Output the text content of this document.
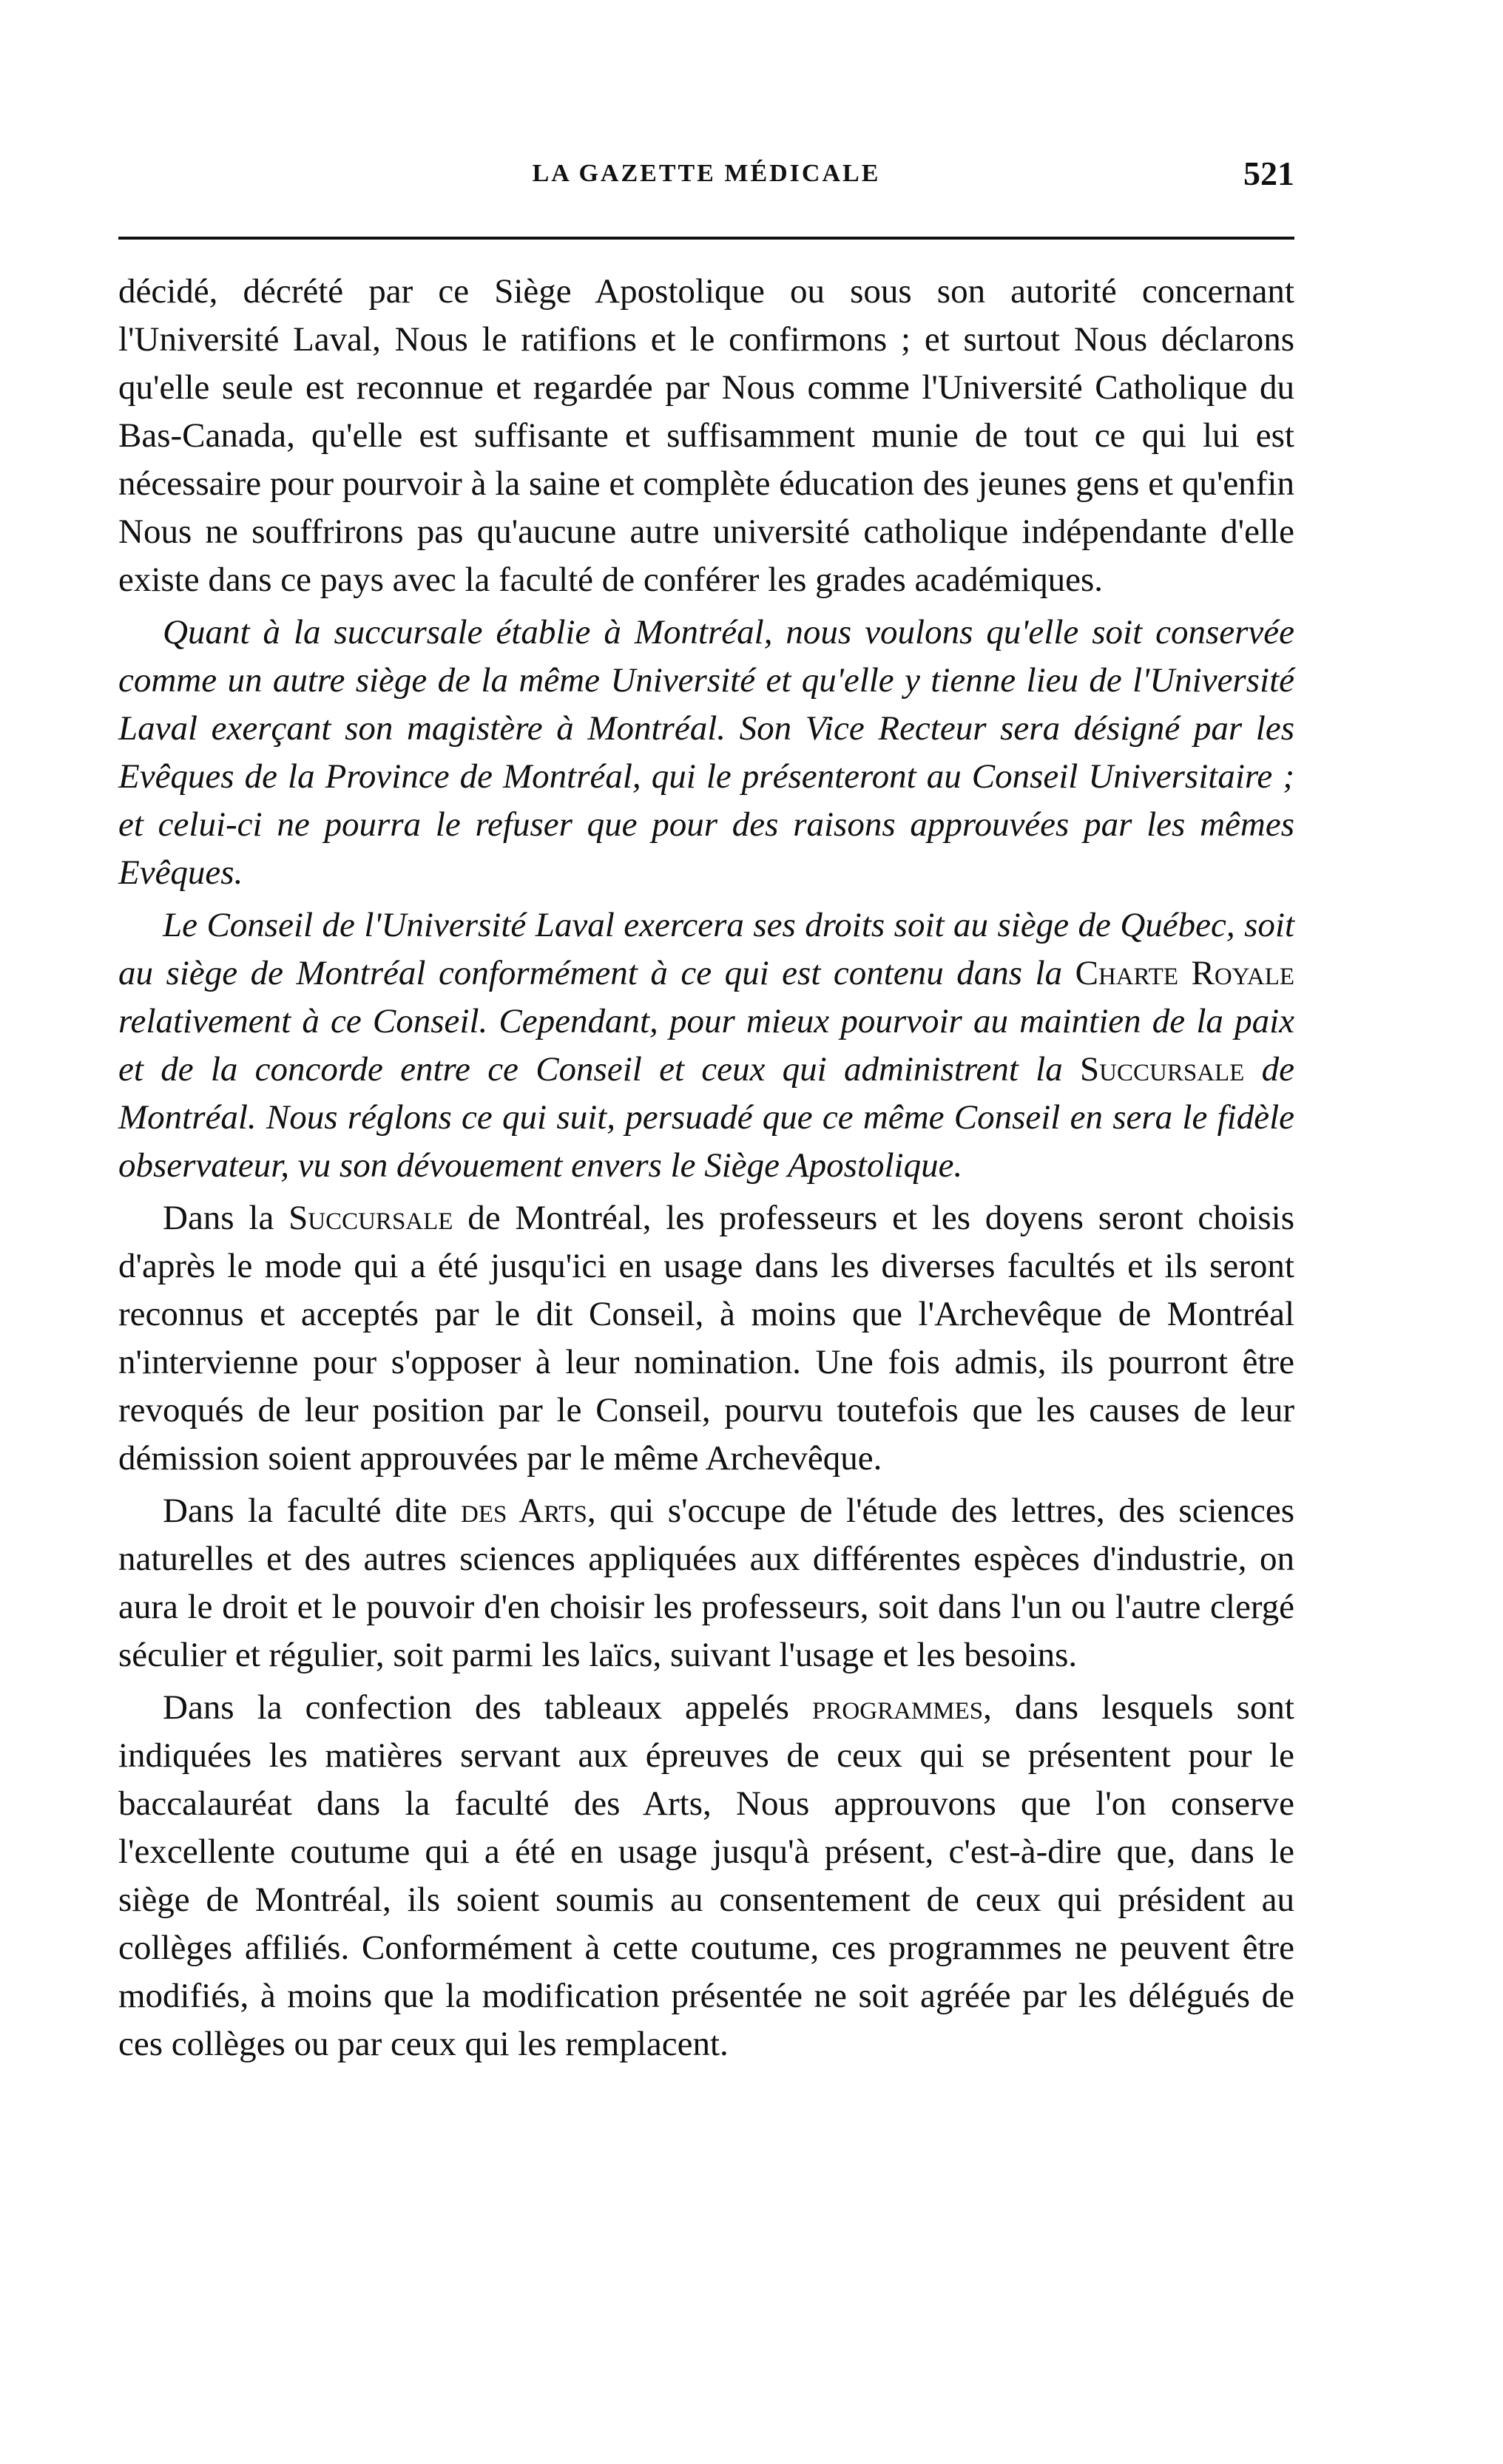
LA GAZETTE MÉDICALE	521

décidé, décrété par ce Siège Apostolique ou sous son autorité concernant l'Université Laval, Nous le ratifions et le confirmons ; et surtout Nous déclarons qu'elle seule est reconnue et regardée par Nous comme l'Université Catholique du Bas-Canada, qu'elle est suffisante et suffisamment munie de tout ce qui lui est nécessaire pour pourvoir à la saine et complète éducation des jeunes gens et qu'enfin Nous ne souffrirons pas qu'aucune autre université catholique indépendante d'elle existe dans ce pays avec la faculté de conférer les grades académiques.

Quant à la succursale établie à Montréal, nous voulons qu'elle soit conservée comme un autre siège de la même Université et qu'elle y tienne lieu de l'Université Laval exerçant son magistère à Montréal. Son Vice Recteur sera désigné par les Evêques de la Province de Montréal, qui le présenteront au Conseil Universitaire ; et celui-ci ne pourra le refuser que pour des raisons approuvées par les mêmes Evêques.

Le Conseil de l'Université Laval exercera ses droits soit au siège de Québec, soit au siège de Montréal conformément à ce qui est contenu dans la Charte Royale relativement à ce Conseil. Cependant, pour mieux pourvoir au maintien de la paix et de la concorde entre ce Conseil et ceux qui administrent la Succursale de Montréal. Nous réglons ce qui suit, persuadé que ce même Conseil en sera le fidèle observateur, vu son dévouement envers le Siège Apostolique.

Dans la Succursale de Montréal, les professeurs et les doyens seront choisis d'après le mode qui a été jusqu'ici en usage dans les diverses facultés et ils seront reconnus et acceptés par le dit Conseil, à moins que l'Archevêque de Montréal n'intervienne pour s'opposer à leur nomination. Une fois admis, ils pourront être revoqués de leur position par le Conseil, pourvu toutefois que les causes de leur démission soient approuvées par le même Archevêque.

Dans la faculté dite des Arts, qui s'occupe de l'étude des lettres, des sciences naturelles et des autres sciences appliquées aux différentes espèces d'industrie, on aura le droit et le pouvoir d'en choisir les professeurs, soit dans l'un ou l'autre clergé séculier et régulier, soit parmi les laïcs, suivant l'usage et les besoins.

Dans la confection des tableaux appelés programmes, dans lesquels sont indiquées les matières servant aux épreuves de ceux qui se présentent pour le baccalauréat dans la faculté des Arts, Nous approuvons que l'on conserve l'excellente coutume qui a été en usage jusqu'à présent, c'est-à-dire que, dans le siège de Montréal, ils soient soumis au consentement de ceux qui président au collèges affiliés. Conformément à cette coutume, ces programmes ne peuvent être modifiés, à moins que la modification présentée ne soit agréée par les délégués de ces collèges ou par ceux qui les remplacent.
